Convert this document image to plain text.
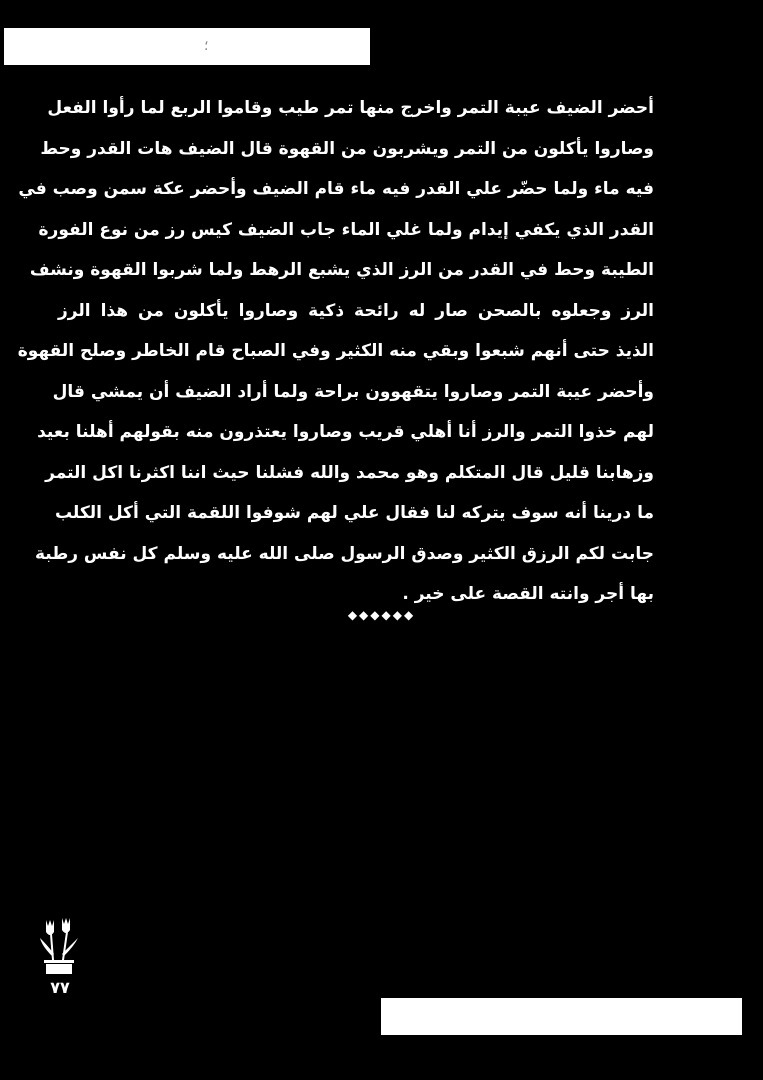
؛
أحضر الضيف عيبة التمر واخرج منها تمر طيب وقاموا الربع لما رأوا الفعل
وصاروا يأكلون من التمر ويشربون من القهوة قال الضيف هات القدر وحط
فيه ماء ولما حضّر علي القدر فيه ماء قام الضيف وأحضر عكة سمن وصب في
القدر الذي يكفي إيدام ولما غلي الماء جاب الضيف كيس رز من نوع الفورة
الطيبة وحط في القدر من الرز الذي يشبع الرهط ولما شربوا القهوة ونشف
الرز وجعلوه بالصحن صار له رائحة ذكية وصاروا يأكلون من هذا الرز
الذيذ حتى أنهم شبعوا وبقي منه الكثير وفي الصباح قام الخاطر وصلح القهوة
وأحضر عيبة التمر وصاروا يتقهوون براحة ولما أراد الضيف أن يمشي قال
لهم خذوا التمر والرز أنا أهلي قريب وصاروا يعتذرون منه بقولهم أهلنا بعيد
وزهابنا قليل قال المتكلم وهو محمد والله فشلنا حيث اننا اكثرنا اكل التمر
ما درينا أنه سوف يتركه لنا فقال علي لهم شوفوا اللقمة التي أكل الكلب
جابت لكم الرزق الكثير وصدق الرسول صلى الله عليه وسلم كل نفس رطبة
بها أجر وانته القصة على خير .
◆◆◆◆◆◆
٧٧
